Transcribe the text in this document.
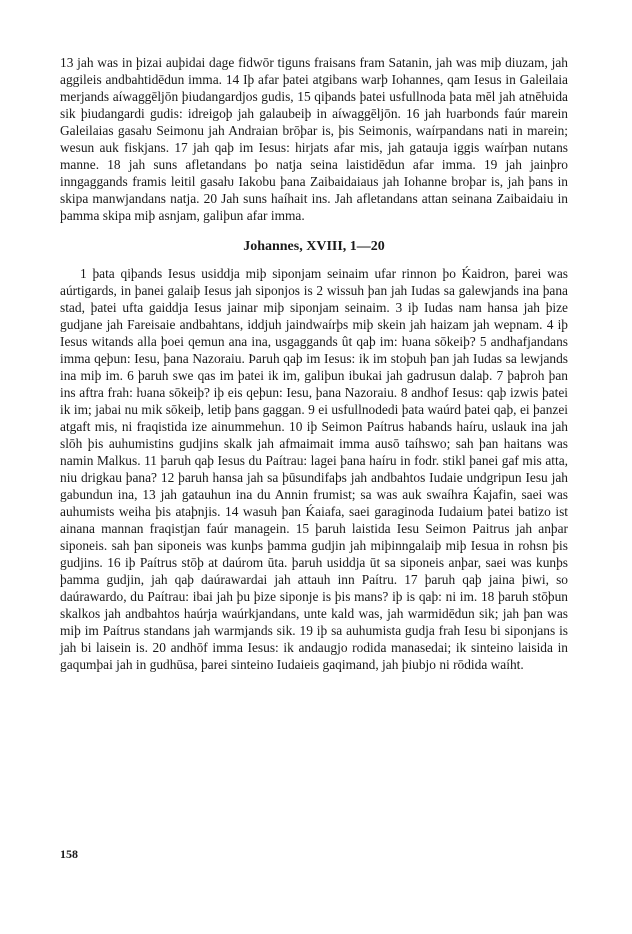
13 jah was in þizai auþidai dage fidwōr tiguns fraisans fram Satanin, jah was miþ diuzam, jah aggileis andbahtidēdun imma. 14 Iþ afar þatei atgibans warþ Iohannes, qam Iesus in Galeilaia merjands aíwaggēljōn þiudangardjos gudis, 15 qiþands þatei usfullnoda þata mēl jah atnēƕida sik þiudangardi gudis: idreigoþ jah galaubeiþ in aíwaggēljōn. 16 jah ƕarbonds faúr marein Galeilaias gasaƕ Seimonu jah Andraian brōþar is, þis Seimonis, waírpandans nati in marein; wesun auk fiskjans. 17 jah qaþ im Iesus: hirjats afar mis, jah gatauja iggis waírþan nutans manne. 18 jah suns afletandans þo natja seina laistidēdun afar imma. 19 jah jainþro inngaggands framis leitil gasaƕ Iakobu þana Zaibaidaiaus jah Iohanne broþar is, jah þans in skipa manwjandans natja. 20 Jah suns haíhait ins. Jah afletandans attan seinana Zaibaidaiu in þamma skipa miþ asnjam, galiþun afar imma.

Johannes, XVIII, 1—20

1 þata qiþands Iesus usiddja miþ siponjam seinaim ufar rinnon þo Ḱaidron, þarei was aúrtigards, in þanei galaiþ Iesus jah siponjos is 2 wissuh þan jah Iudas sa galewjands ina þana stad, þatei ufta gaiddja Iesus jainar miþ siponjam seinaim. 3 iþ Iudas nam hansa jah þize gudjane jah Fareisaie andbahtans, iddjuh jaindwaírþs miþ skein jah haizam jah wepnam. 4 iþ Iesus witands alla þoei qemun ana ina, usgaggands ût qaþ im: ƕana sōkeiþ? 5 andhafjandans imma qeþun: Iesu, þana Nazoraiu. Þaruh qaþ im Iesus: ik im stoþuh þan jah Iudas sa lewjands ina miþ im. 6 þaruh swe qas im þatei ik im, galiþun ibukai jah gadrusun dalaþ. 7 þaþroh þan ins aftra frah: ƕana sōkeiþ? iþ eis qeþun: Iesu, þana Nazoraiu. 8 andhof Iesus: qaþ izwis þatei ik im; jabai nu mik sōkeiþ, letiþ þans gaggan. 9 ei usfullnodedi þata waúrd þatei qaþ, ei þanzei atgaft mis, ni fraqistida ize ainummehun. 10 iþ Seimon Paítrus habands haíru, uslauk ina jah slōh þis auhumistins gudjins skalk jah afmaimait imma ausō taíhswo; sah þan haitans was namin Malkus. 11 þaruh qaþ Iesus du Paítrau: lagei þana haíru in fodr. stikl þanei gaf mis atta, niu drigkau þana? 12 þaruh hansa jah sa þūsundifaþs jah andbahtos Iudaie undgripun Iesu jah gabundun ina, 13 jah gatauhun ina du Annin frumist; sa was auk swaíhra Ḱajafin, saei was auhumists weiha þis ataþnjis. 14 wasuh þan Ḱaiafa, saei garaginoda Iudaium þatei batizo ist ainana mannan fraqistjan faúr managein. 15 þaruh laistida Iesu Seimon Paitrus jah anþar siponeis. sah þan siponeis was kunþs þamma gudjin jah miþinngalaiþ miþ Iesua in rohsn þis gudjins. 16 iþ Paítrus stōþ at daúrom ūta. þaruh usiddja ūt sa siponeis anþar, saei was kunþs þamma gudjin, jah qaþ daúrawardai jah attauh inn Paítru. 17 þaruh qaþ jaina þiwi, so daúrawardo, du Paítrau: ibai jah þu þize siponje is þis mans? iþ is qaþ: ni im. 18 þaruh stōþun skalkos jah andbahtos haúrja waúrkjandans, unte kald was, jah warmidēdun sik; jah þan was miþ im Paítrus standans jah warmjands sik. 19 iþ sa auhumista gudja frah Iesu bi siponjans is jah bi laisein is. 20 andhōf imma Iesus: ik andaugjo rodida manasedai; ik sinteino laisida in gaqumþai jah in gudhūsa, þarei sinteino Iudaieis gaqimand, jah þiubjo ni rōdida waíht.

158
